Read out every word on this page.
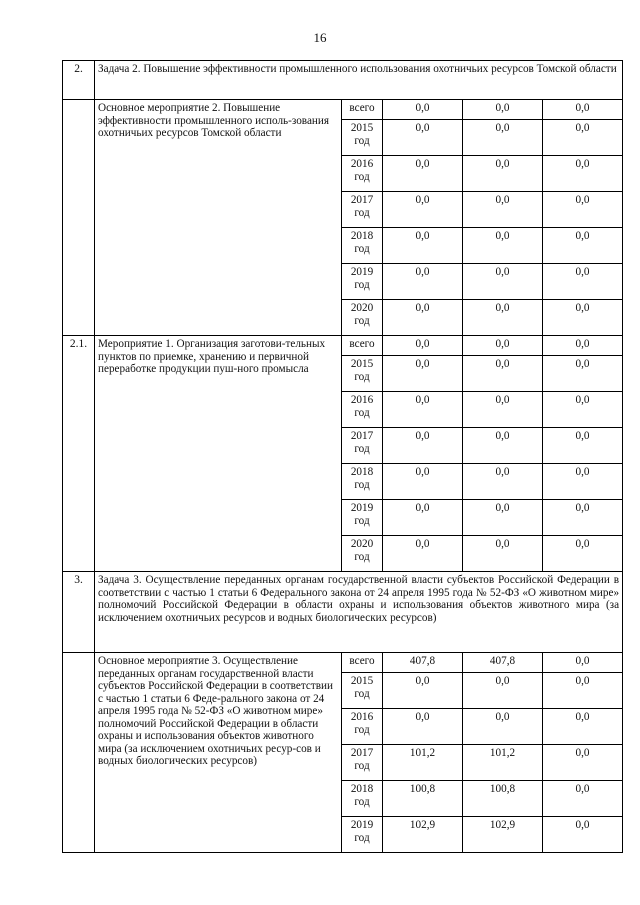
16
2.	Задача 2. Повышение эффективности промышленного использования охотничьих ресурсов Томской области				
	Основное мероприятие 2. Повышение эффективности промышленного исполь-зования охотничьих ресурсов Томской области	всего	0,0	0,0	0,0
		2015 год	0,0	0,0	0,0
		2016 год	0,0	0,0	0,0
		2017 год	0,0	0,0	0,0
		2018 год	0,0	0,0	0,0
		2019 год	0,0	0,0	0,0
		2020 год	0,0	0,0	0,0
2.1.	Мероприятие 1. Организация заготови-тельных пунктов по приемке, хранению и первичной переработке продукции пуш-ного промысла	всего	0,0	0,0	0,0
		2015 год	0,0	0,0	0,0
		2016 год	0,0	0,0	0,0
		2017 год	0,0	0,0	0,0
		2018 год	0,0	0,0	0,0
		2019 год	0,0	0,0	0,0
		2020 год	0,0	0,0	0,0
3.	Задача 3. Осуществление переданных органам государственной власти субъектов Российской Федерации в соответствии с частью 1 статьи 6 Федерального закона от 24 апреля 1995 года № 52-ФЗ «О животном мире» полномочий Российской Федерации в области охраны и использования объектов животного мира (за исключением охотничьих ресурсов и водных биологических ресурсов)				
	Основное мероприятие 3. Осуществление переданных органам государственной власти субъектов Российской Федерации в соответствии с частью 1 статьи 6 Феде-рального закона от 24 апреля 1995 года № 52-ФЗ «О животном мире» полномочий Российской Федерации в области охраны и использования объектов животного мира (за исключением охотничьих ресур-сов и водных биологических ресурсов)	всего	407,8	407,8	0,0
		2015 год	0,0	0,0	0,0
		2016 год	0,0	0,0	0,0
		2017 год	101,2	101,2	0,0
		2018 год	100,8	100,8	0,0
		2019 год	102,9	102,9	0,0
